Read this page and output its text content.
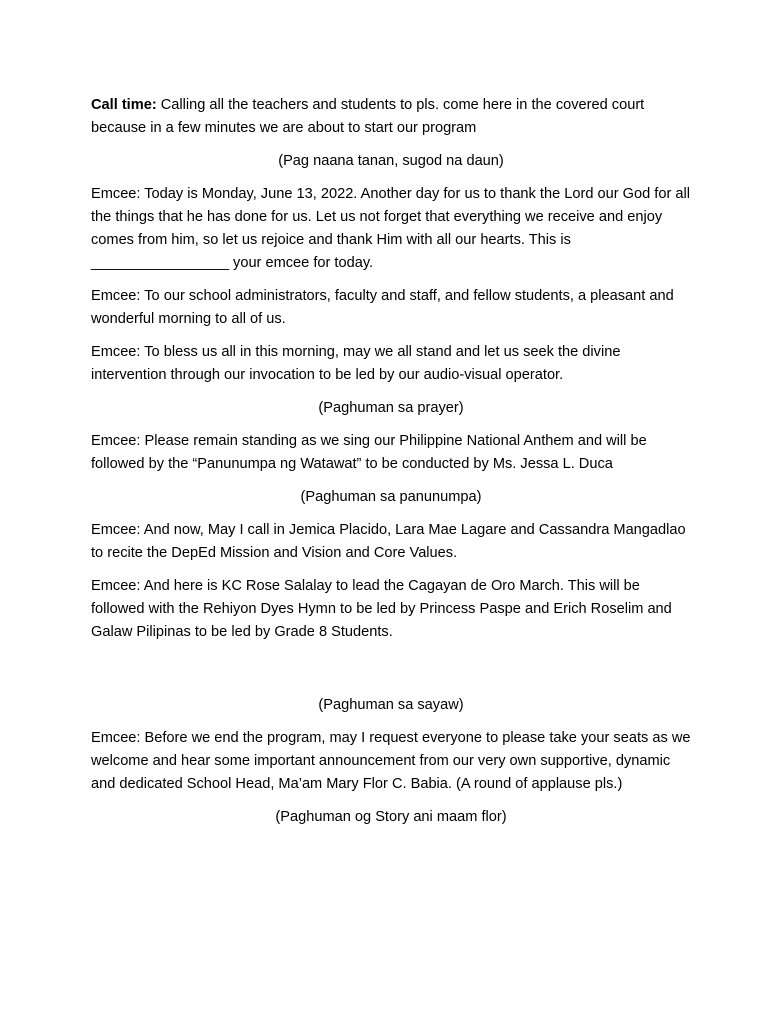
Call time: Calling all the teachers and students to pls. come here in the covered court because in a few minutes we are about to start our program

(Pag naana tanan, sugod na daun)

Emcee: Today is Monday, June 13, 2022. Another day for us to thank the Lord our God for all the things that he has done for us. Let us not forget that everything we receive and enjoy comes from him, so let us rejoice and thank Him with all our hearts. This is _________________ your emcee for today.

Emcee: To our school administrators, faculty and staff, and fellow students, a pleasant and wonderful morning to all of us.

Emcee: To bless us all in this morning, may we all stand and let us seek the divine intervention through our invocation to be led by our audio-visual operator.

(Paghuman sa prayer)

Emcee: Please remain standing as we sing our Philippine National Anthem and will be followed by the “Panunumpa ng Watawat” to be conducted by Ms. Jessa L. Duca

(Paghuman sa panunumpa)

Emcee: And now, May I call in Jemica Placido, Lara Mae Lagare and Cassandra Mangadlao to recite the DepEd Mission and Vision and Core Values.

Emcee: And here is KC Rose Salalay to lead the Cagayan de Oro March. This will be followed with the Rehiyon Dyes Hymn to be led by Princess Paspe and Erich Roselim and Galaw Pilipinas to be led by Grade 8 Students.

(Paghuman sa sayaw)

Emcee: Before we end the program, may I request everyone to please take your seats as we welcome and hear some important announcement from our very own supportive, dynamic and dedicated School Head, Ma’am Mary Flor C. Babia. (A round of applause pls.)

(Paghuman og Story ani maam flor)
